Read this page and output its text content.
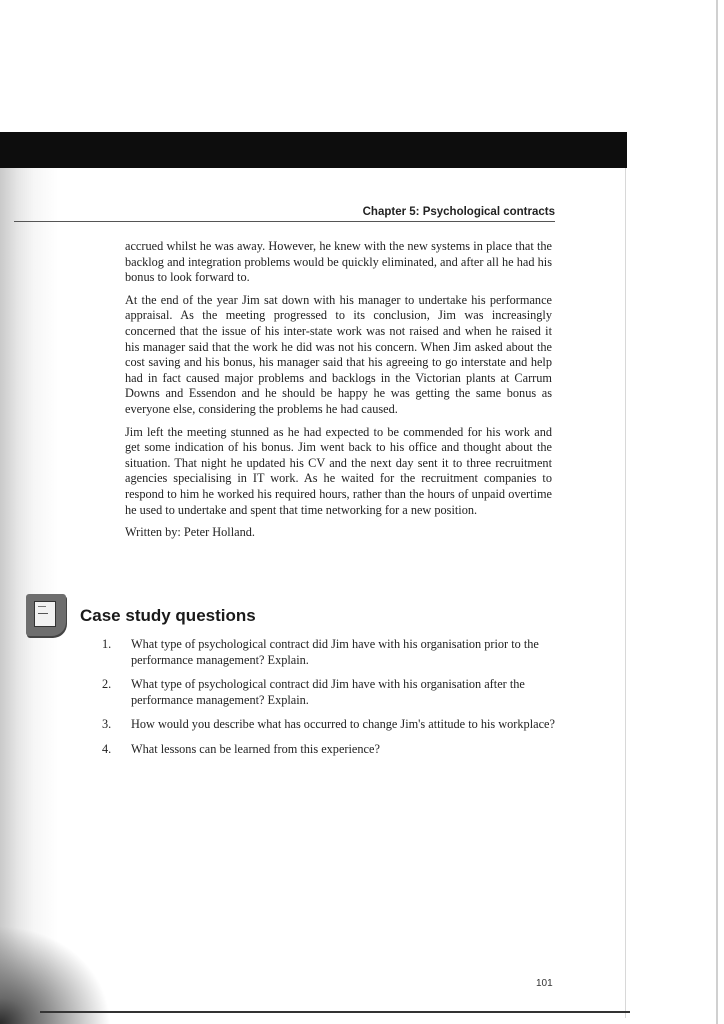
Chapter 5: Psychological contracts

accrued whilst he was away. However, he knew with the new systems in place that the backlog and integration problems would be quickly eliminated, and after all he had his bonus to look forward to.

At the end of the year Jim sat down with his manager to undertake his performance appraisal. As the meeting progressed to its conclusion, Jim was increasingly concerned that the issue of his inter-state work was not raised and when he raised it his manager said that the work he did was not his concern. When Jim asked about the cost saving and his bonus, his manager said that his agreeing to go interstate and help had in fact caused major problems and backlogs in the Victorian plants at Carrum Downs and Essendon and he should be happy he was getting the same bonus as everyone else, considering the problems he had caused.

Jim left the meeting stunned as he had expected to be commended for his work and get some indication of his bonus. Jim went back to his office and thought about the situation. That night he updated his CV and the next day sent it to three recruitment agencies specialising in IT work. As he waited for the recruitment companies to respond to him he worked his required hours, rather than the hours of unpaid overtime he used to undertake and spent that time networking for a new position.

Written by: Peter Holland.

Case study questions
1.	What type of psychological contract did Jim have with his organisation prior to the performance management? Explain.
2.	What type of psychological contract did Jim have with his organisation after the performance management? Explain.
3.	How would you describe what has occurred to change Jim's attitude to his workplace?
4.	What lessons can be learned from this experience?
101
